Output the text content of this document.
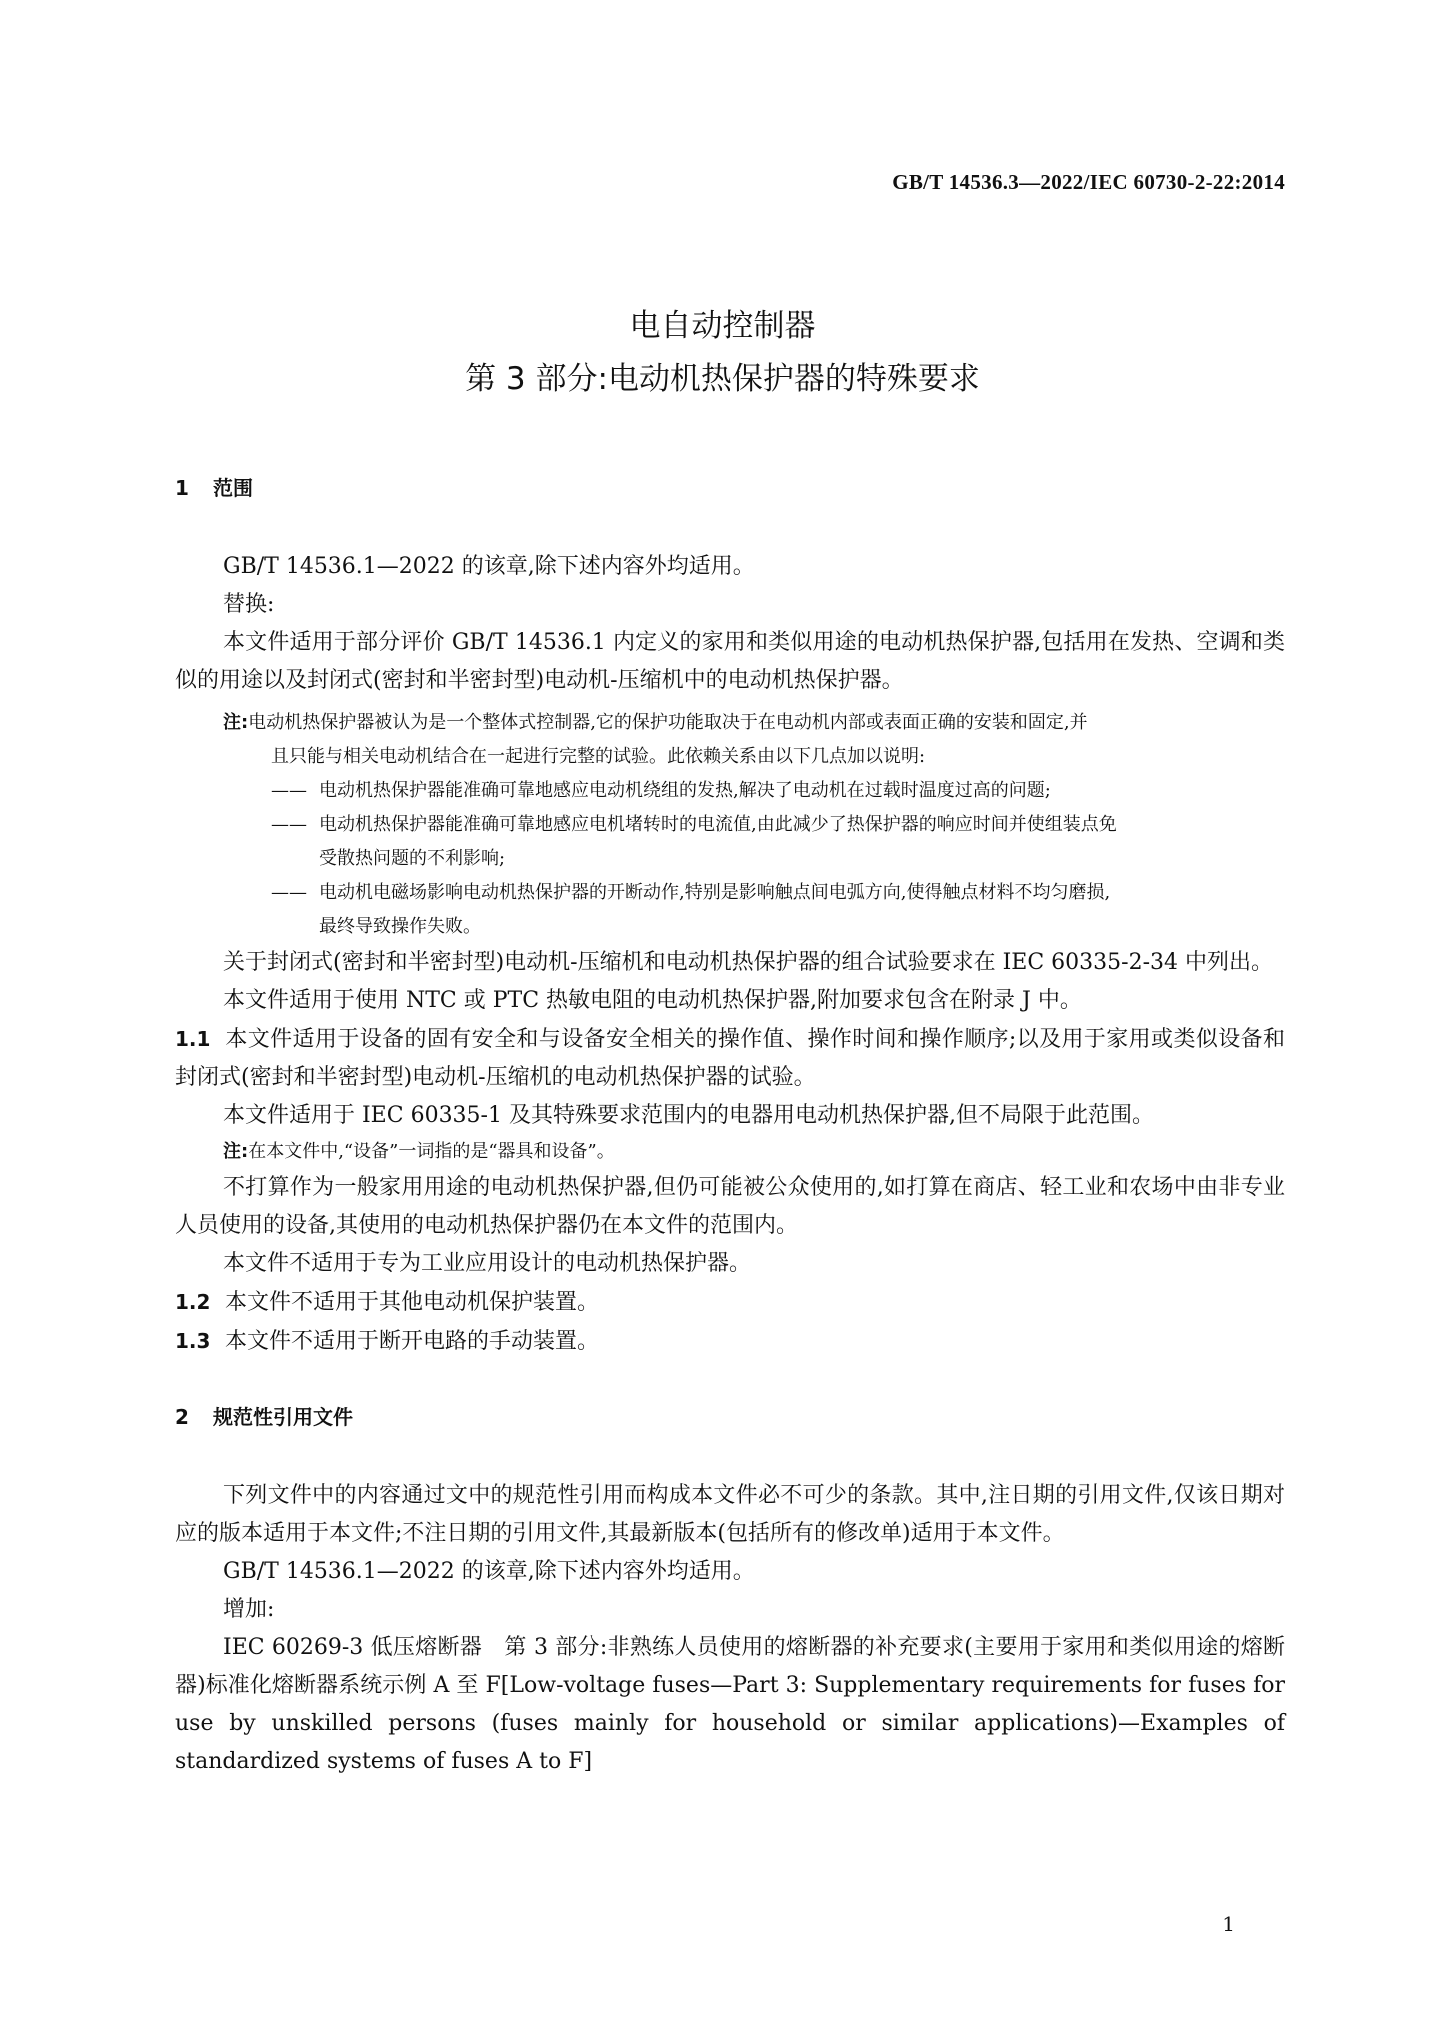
GB/T 14536.3—2022/IEC 60730-2-22:2014
电自动控制器
第 3 部分:电动机热保护器的特殊要求
1 范围

GB/T 14536.1—2022 的该章,除下述内容外均适用。

替换:

本文件适用于部分评价 GB/T 14536.1 内定义的家用和类似用途的电动机热保护器,包括用在发热、空调和类似的用途以及封闭式(密封和半密封型)电动机-压缩机中的电动机热保护器。

注:电动机热保护器被认为是一个整体式控制器,它的保护功能取决于在电动机内部或表面正确的安装和固定,并

且只能与相关电动机结合在一起进行完整的试验。此依赖关系由以下几点加以说明:

—— 电动机热保护器能准确可靠地感应电动机绕组的发热,解决了电动机在过载时温度过高的问题;

—— 电动机热保护器能准确可靠地感应电机堵转时的电流值,由此减少了热保护器的响应时间并使组装点免

受散热问题的不利影响;

—— 电动机电磁场影响电动机热保护器的开断动作,特别是影响触点间电弧方向,使得触点材料不均匀磨损,

最终导致操作失败。

关于封闭式(密封和半密封型)电动机-压缩机和电动机热保护器的组合试验要求在 IEC 60335-2-34 中列出。

本文件适用于使用 NTC 或 PTC 热敏电阻的电动机热保护器,附加要求包含在附录 J 中。

1.1 本文件适用于设备的固有安全和与设备安全相关的操作值、操作时间和操作顺序;以及用于家用或类似设备和封闭式(密封和半密封型)电动机-压缩机的电动机热保护器的试验。

本文件适用于 IEC 60335-1 及其特殊要求范围内的电器用电动机热保护器,但不局限于此范围。

注:在本文件中,“设备”一词指的是“器具和设备”。

不打算作为一般家用用途的电动机热保护器,但仍可能被公众使用的,如打算在商店、轻工业和农场中由非专业人员使用的设备,其使用的电动机热保护器仍在本文件的范围内。

本文件不适用于专为工业应用设计的电动机热保护器。

1.2 本文件不适用于其他电动机保护装置。

1.3 本文件不适用于断开电路的手动装置。

2 规范性引用文件

下列文件中的内容通过文中的规范性引用而构成本文件必不可少的条款。其中,注日期的引用文件,仅该日期对应的版本适用于本文件;不注日期的引用文件,其最新版本(包括所有的修改单)适用于本文件。

GB/T 14536.1—2022 的该章,除下述内容外均适用。

增加:

IEC 60269-3 低压熔断器　第 3 部分:非熟练人员使用的熔断器的补充要求(主要用于家用和类似用途的熔断器)标准化熔断器系统示例 A 至 F[Low-voltage fuses—Part 3: Supplementary requirements for fuses for use by unskilled persons (fuses mainly for household or similar applications)—Examples of standardized systems of fuses A to F]

1
